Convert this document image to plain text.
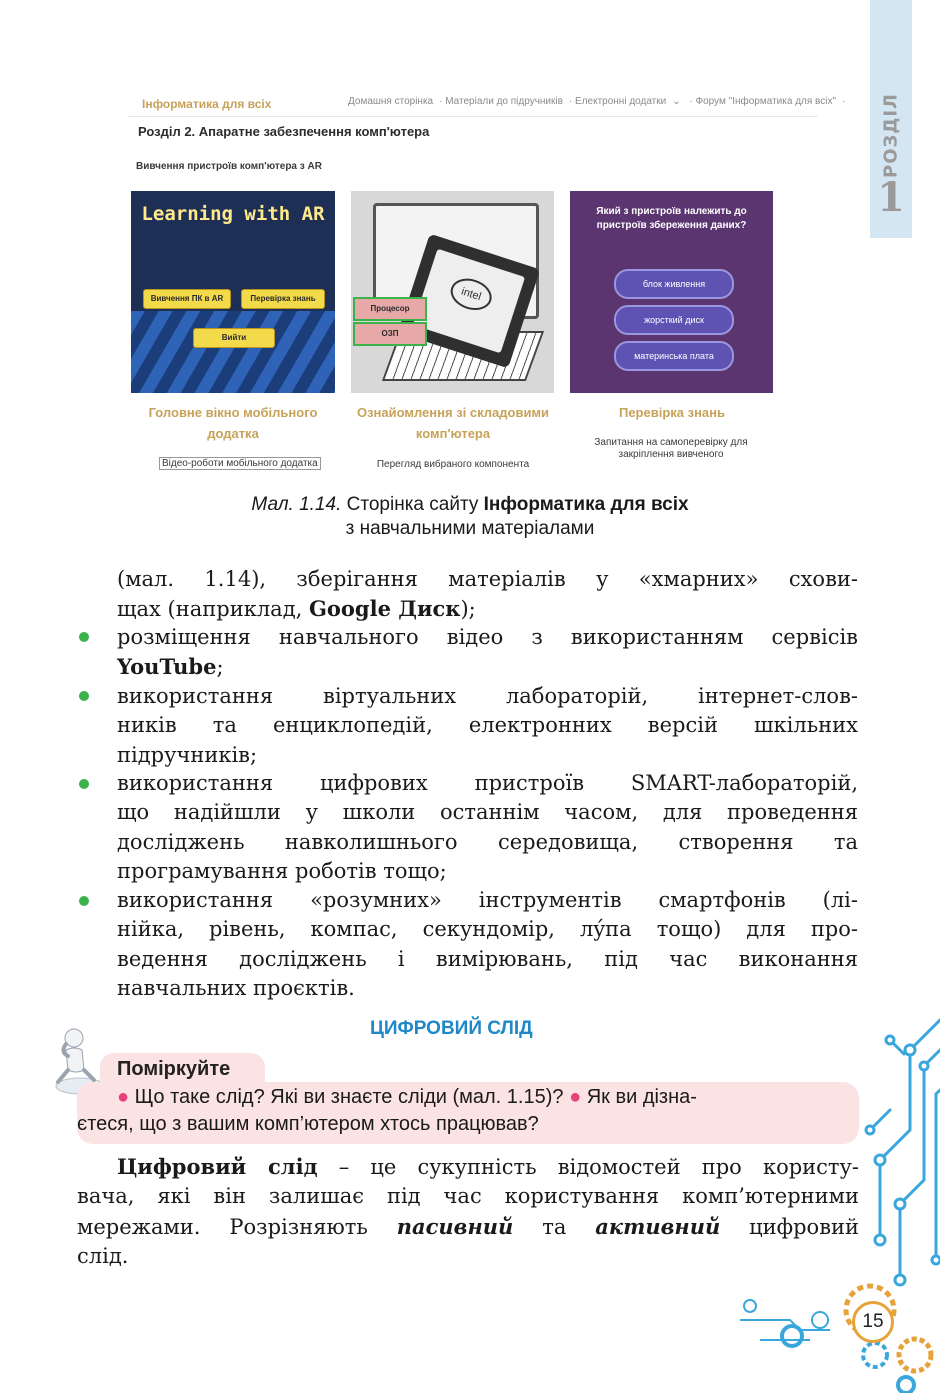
РОЗДІЛ
1
Інформатика для всіх	Домашня сторінка · Матеріали до підручників · Електронні додатки ⌄ · Форум "Інформатика для всіх" ·
Розділ 2. Апаратне забезпечення комп'ютера
Вивчення пристроїв комп'ютера з AR
Learning with AR
Вивчення ПК в AR	Перевірка знань
Вийти
intel
Процесор
ОЗП
Який з пристроїв належить до пристроїв збереження даних?
блок живлення
жорсткий диск
материнська плата
Головне вікно мобільного додатка
Відео-роботи мобільного додатка
Ознайомлення зі складовими комп'ютера
Перегляд вибраного компонента
Перевірка знань
Запитання на самоперевірку для закріплення вивченого
Мал. 1.14. Сторінка сайту Інформатика для всіх
з навчальними матеріалами
(мал. 1.14), зберігання матеріалів у «хмарних» схови-
щах (наприклад, Google Диск);
розміщення навчального відео з використанням сервісів
YouTube;
використання віртуальних лабораторій, інтернет-слов-
ників та енциклопедій, електронних версій шкільних
підручників;
використання цифрових пристроїв SMART-лабораторій,
що надійшли у школи останнім часом, для проведення
досліджень навколишнього середовища, створення та
програмування роботів тощо;
використання «розумних» інструментів смартфонів (лі-
нійка, рівень, компас, секундомір, лýпа тощо) для про-
ведення досліджень і вимірювань, під час виконання
навчальних проєктів.
ЦИФРОВИЙ СЛІД
Поміркуйте
● Що таке слід? Які ви знаєте сліди (мал. 1.15)? ● Як ви дізна-
єтеся, що з вашим комп’ютером хтось працював?
Цифровий слід – це сукупність відомостей про користу-
вача, які він залишає під час користування комп’ютерними
мережами. Розрізняють пасивний та активний цифровий
слід.
15
